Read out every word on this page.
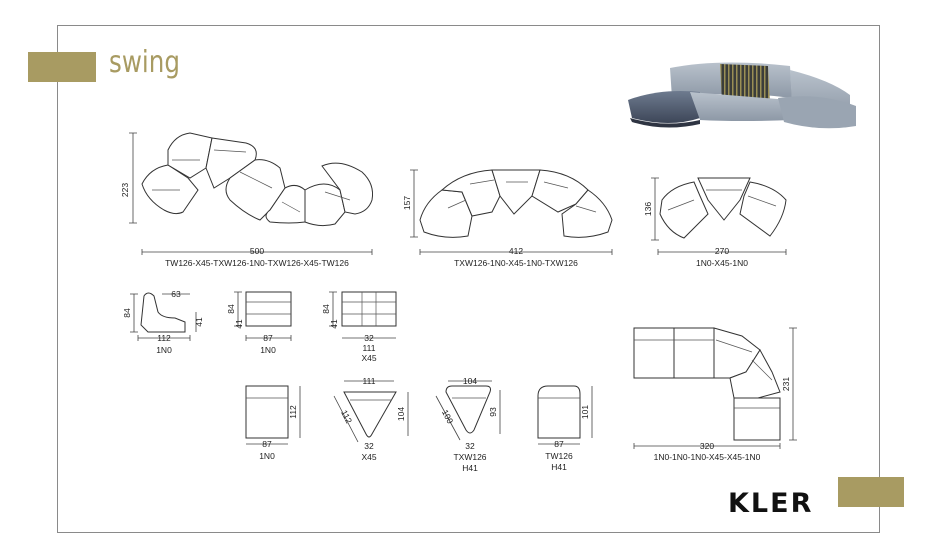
swing
KLER
223
500
TW126-X45-TXW126-1N0-TXW126-X45-TW126
157
412
TXW126-1N0-X45-1N0-TXW126
136
270
1N0-X45-1N0
84
63
41
112
1N0
84
41
87
1N0
84
41
32
111
X45
112
87
1N0
111
104
112
32
X45
104
93
100
32
TXW126
H41
101
87
TW126
H41
231
320
1N0-1N0-1N0-X45-X45-1N0
